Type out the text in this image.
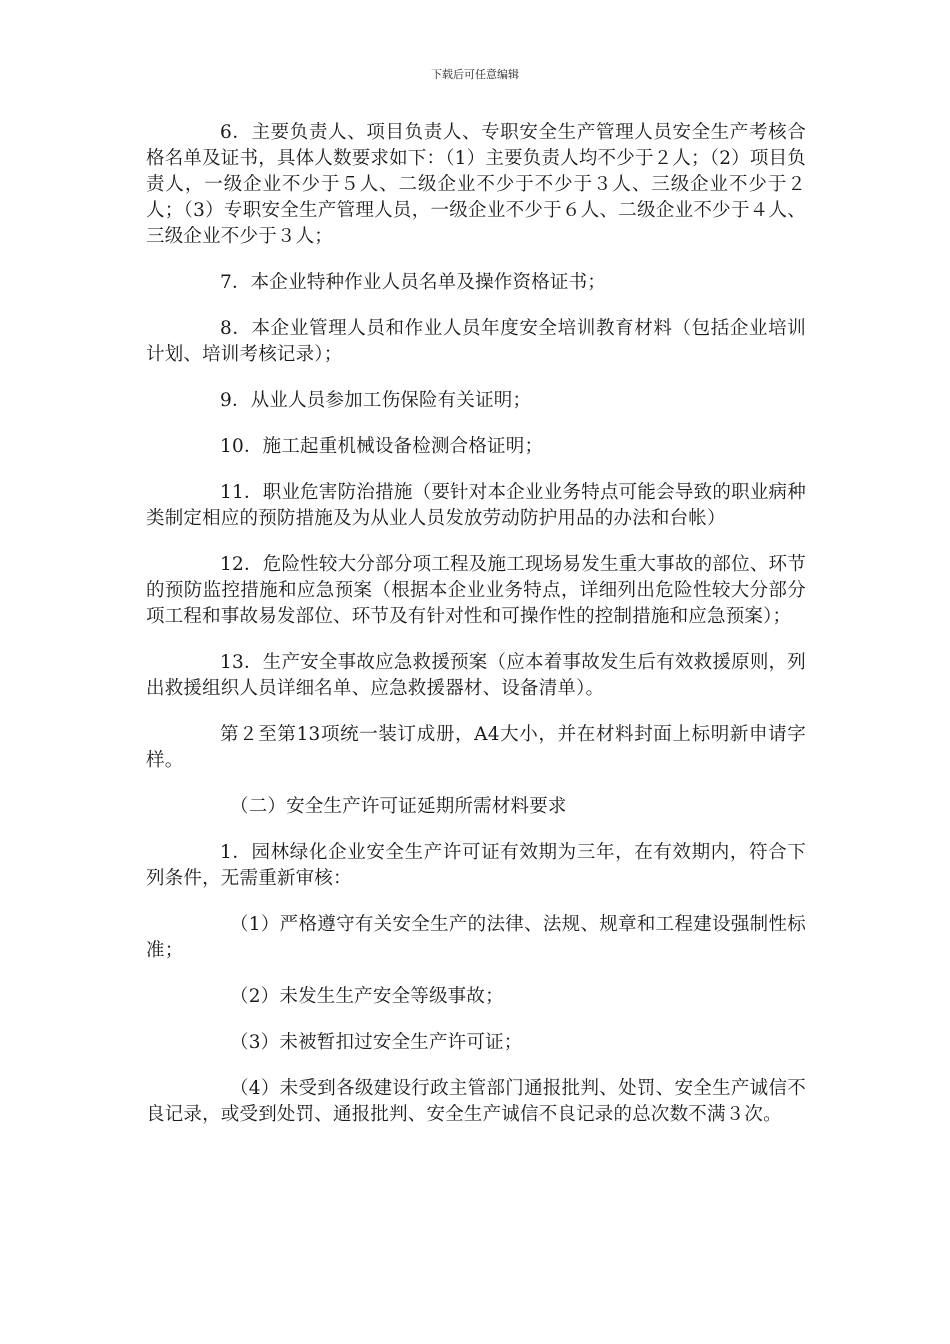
下载后可任意编辑

6．主要负责人、项目负责人、专职安全生产管理人员安全生产考核合格名单及证书，具体人数要求如下：（1）主要负责人均不少于２人；（2）项目负责人，一级企业不少于５人、二级企业不少于不少于３人、三级企业不少于２人；（3）专职安全生产管理人员，一级企业不少于６人、二级企业不少于４人、三级企业不少于３人；

7．本企业特种作业人员名单及操作资格证书；

8．本企业管理人员和作业人员年度安全培训教育材料（包括企业培训计划、培训考核记录）；

9．从业人员参加工伤保险有关证明；

10．施工起重机械设备检测合格证明；

11．职业危害防治措施（要针对本企业业务特点可能会导致的职业病种类制定相应的预防措施及为从业人员发放劳动防护用品的办法和台帐）

12．危险性较大分部分项工程及施工现场易发生重大事故的部位、环节的预防监控措施和应急预案（根据本企业业务特点，详细列出危险性较大分部分项工程和事故易发部位、环节及有针对性和可操作性的控制措施和应急预案）；

13．生产安全事故应急救援预案（应本着事故发生后有效救援原则，列出救援组织人员详细名单、应急救援器材、设备清单）。

第２至第13项统一装订成册，A4大小，并在材料封面上标明新申请字样。

（二）安全生产许可证延期所需材料要求

1．园林绿化企业安全生产许可证有效期为三年，在有效期内，符合下列条件，无需重新审核：

（1）严格遵守有关安全生产的法律、法规、规章和工程建设强制性标准；

（2）未发生生产安全等级事故；

（3）未被暂扣过安全生产许可证；

（4）未受到各级建设行政主管部门通报批判、处罚、安全生产诚信不良记录，或受到处罚、通报批判、安全生产诚信不良记录的总次数不满３次。
